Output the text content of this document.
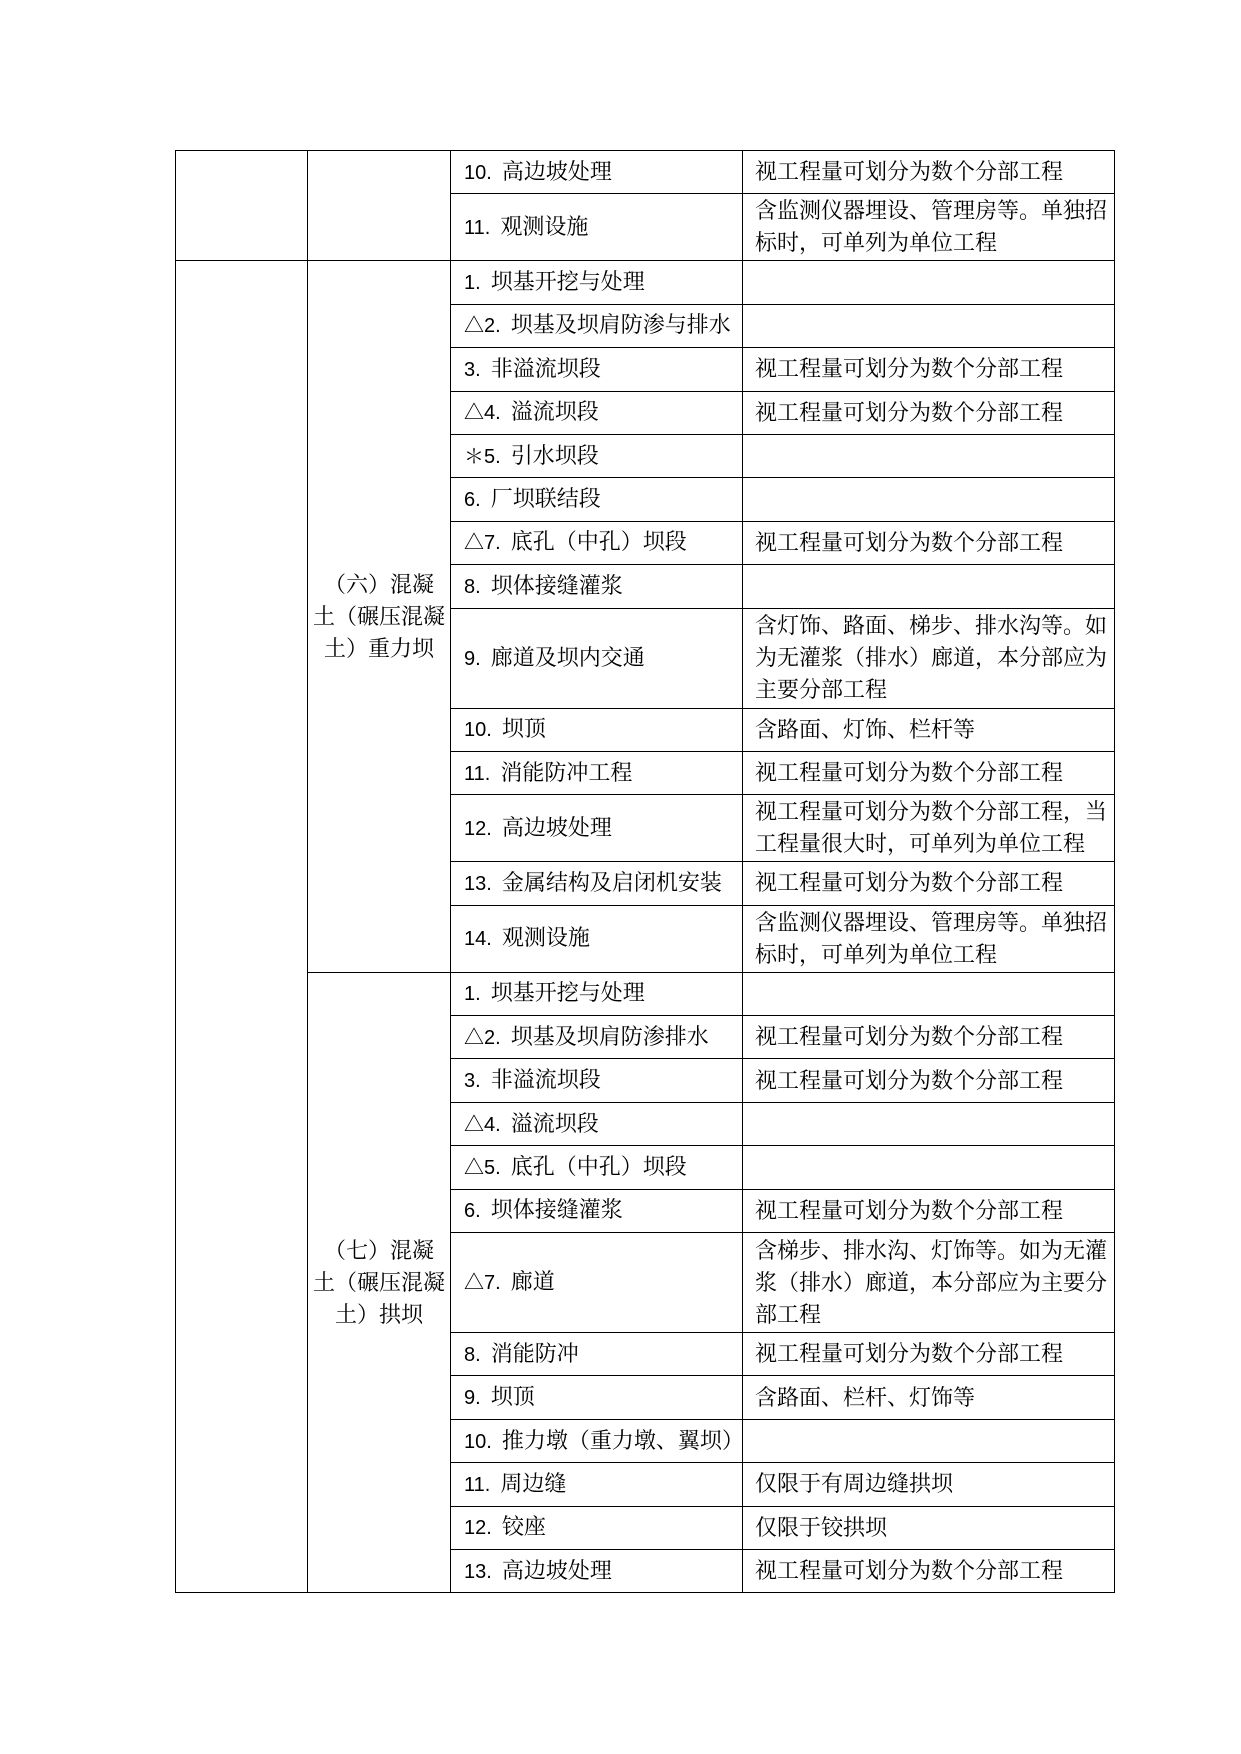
		10. 高边坡处理	视工程量可划分为数个分部工程

		11. 观测设施	含监测仪器埋设、管理房等。单独招
标时，可单列为单位工程

	（六）混凝
土（碾压混凝
土）重力坝	1. 坝基开挖与处理	
		△2. 坝基及坝肩防渗与排水	
		3. 非溢流坝段	视工程量可划分为数个分部工程

		△4. 溢流坝段	视工程量可划分为数个分部工程

		＊5. 引水坝段	
		6. 厂坝联结段	
		△7. 底孔（中孔）坝段	视工程量可划分为数个分部工程

		8. 坝体接缝灌浆	
		9. 廊道及坝内交通	含灯饰、路面、梯步、排水沟等。如
为无灌浆（排水）廊道，本分部应为
主要分部工程

		10. 坝顶	含路面、灯饰、栏杆等

		11. 消能防冲工程	视工程量可划分为数个分部工程

		12. 高边坡处理	视工程量可划分为数个分部工程，当
工程量很大时，可单列为单位工程

		13. 金属结构及启闭机安装	视工程量可划分为数个分部工程

		14. 观测设施	含监测仪器埋设、管理房等。单独招
标时，可单列为单位工程

	（七）混凝
土（碾压混凝
土）拱坝	1. 坝基开挖与处理	
		△2. 坝基及坝肩防渗排水	视工程量可划分为数个分部工程

		3. 非溢流坝段	视工程量可划分为数个分部工程

		△4. 溢流坝段	
		△5. 底孔（中孔）坝段	
		6. 坝体接缝灌浆	视工程量可划分为数个分部工程

		△7. 廊道	含梯步、排水沟、灯饰等。如为无灌
浆（排水）廊道，本分部应为主要分
部工程

		8. 消能防冲	视工程量可划分为数个分部工程

		9. 坝顶	含路面、栏杆、灯饰等

		10. 推力墩（重力墩、翼坝）	
		11. 周边缝	仅限于有周边缝拱坝

		12. 铰座	仅限于铰拱坝

		13. 高边坡处理	视工程量可划分为数个分部工程
